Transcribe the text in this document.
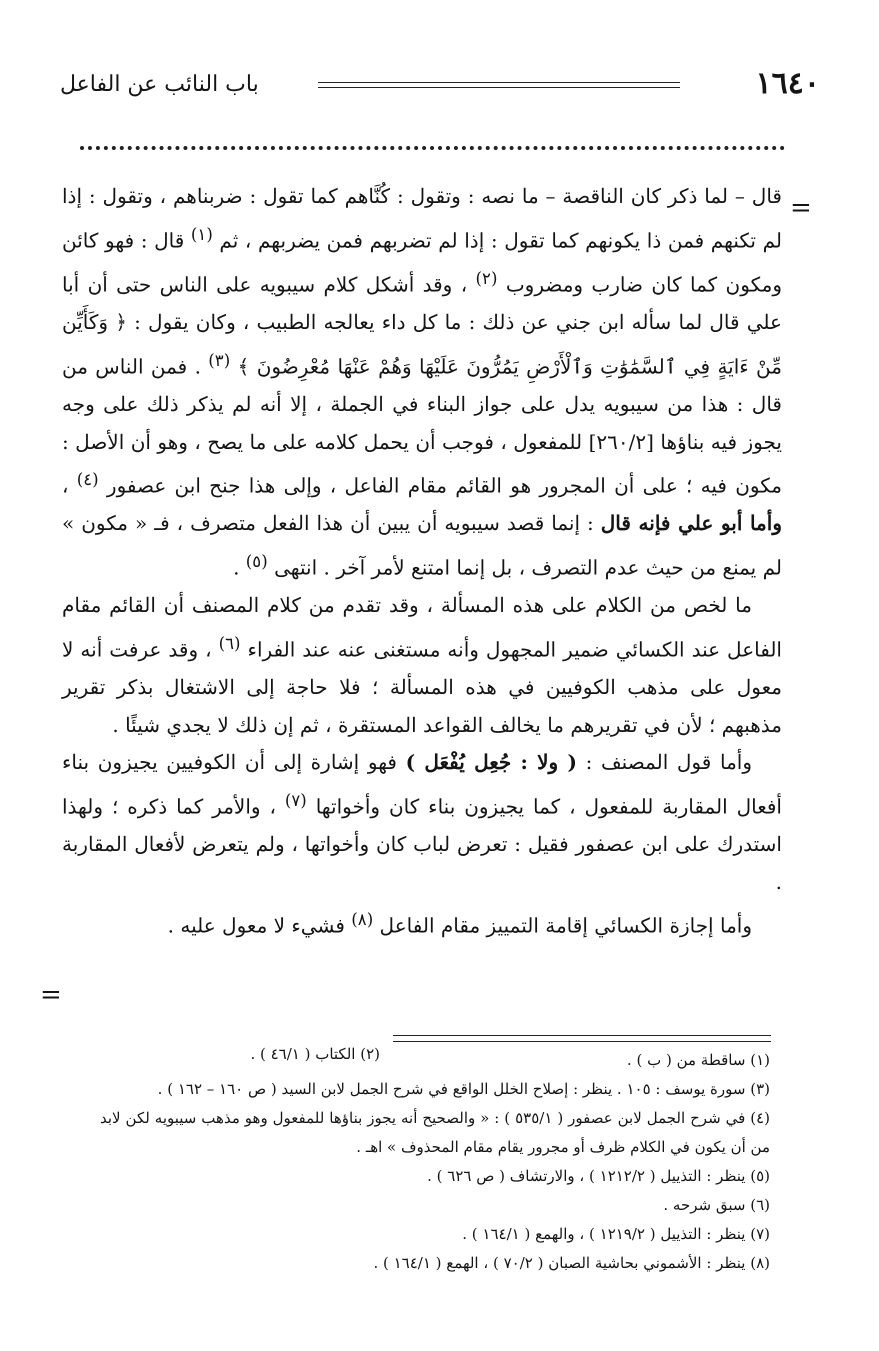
١٦٤٠
باب النائب عن الفاعل
=

قال – لما ذكر كان الناقصة – ما نصه : وتقول : كُنَّاهم كما تقول : ضربناهم ، وتقول : إذا لم تكنهم فمن ذا يكونهم كما تقول : إذا لم تضربهم فمن يضربهم ، ثم $^{(١)}$ قال : فهو كائن ومكون كما كان ضارب ومضروب $^{(٢)}$ ، وقد أشكل كلام سيبويه على الناس حتى أن أبا علي قال لما سأله ابن جني عن ذلك : ما كل داء يعالجه الطبيب ، وكان يقول : ﴿ وَكَأَيِّن مِّنْ ءَايَةٍ فِي ٱلسَّمَٰوَٰتِ وَٱلْأَرْضِ يَمُرُّونَ عَلَيْهَا وَهُمْ عَنْهَا مُعْرِضُونَ ﴾ $^{(٣)}$ . فمن الناس من قال : هذا من سيبويه يدل على جواز البناء في الجملة ، إلا أنه لم يذكر ذلك على وجه يجوز فيه بناؤها [٢٦٠/٢] للمفعول ، فوجب أن يحمل كلامه على ما يصح ، وهو أن الأصل : مكون فيه ؛ على أن المجرور هو القائم مقام الفاعل ، وإلى هذا جنح ابن عصفور $^{(٤)}$ ، وأما أبو علي فإنه قال : إنما قصد سيبويه أن يبين أن هذا الفعل متصرف ، فـ « مكون » لم يمنع من حيث عدم التصرف ، بل إنما امتنع لأمر آخر . انتهى $^{(٥)}$ .

ما لخص من الكلام على هذه المسألة ، وقد تقدم من كلام المصنف أن القائم مقام الفاعل عند الكسائي ضمير المجهول وأنه مستغنى عنه عند الفراء $^{(٦)}$ ، وقد عرفت أنه لا معول على مذهب الكوفيين في هذه المسألة ؛ فلا حاجة إلى الاشتغال بذكر تقرير مذهبهم ؛ لأن في تقريرهم ما يخالف القواعد المستقرة ، ثم إن ذلك لا يجدي شيئًا .

وأما قول المصنف : ( ولا : جُعِل يُفْعَل ) فهو إشارة إلى أن الكوفيين يجيزون بناء أفعال المقاربة للمفعول ، كما يجيزون بناء كان وأخواتها $^{(٧)}$ ، والأمر كما ذكره ؛ ولهذا استدرك على ابن عصفور فقيل : تعرض لباب كان وأخواتها ، ولم يتعرض لأفعال المقاربة .

وأما إجازة الكسائي إقامة التمييز مقام الفاعل $^{(٨)}$ فشيء لا معول عليه .

=
(١) ساقطة من ( ب ) .
(٢) الكتاب ( ٤٦/١ ) .

(٣) سورة يوسف : ١٠٥ . ينظر : إصلاح الخلل الواقع في شرح الجمل لابن السيد ( ص ١٦٠ – ١٦٢ ) .

(٤) في شرح الجمل لابن عصفور ( ٥٣٥/١ ) : « والصحيح أنه يجوز بناؤها للمفعول وهو مذهب سيبويه لكن لابد من أن يكون في الكلام ظرف أو مجرور يقام مقام المحذوف » اهـ .

(٥) ينظر : التذييل ( ١٢١٢/٢ ) ، والارتشاف ( ص ٦٢٦ ) .

(٦) سبق شرحه .

(٧) ينظر : التذييل ( ١٢١٩/٢ ) ، والهمع ( ١٦٤/١ ) .

(٨) ينظر : الأشموني بحاشية الصبان ( ٧٠/٢ ) ، الهمع ( ١٦٤/١ ) .
